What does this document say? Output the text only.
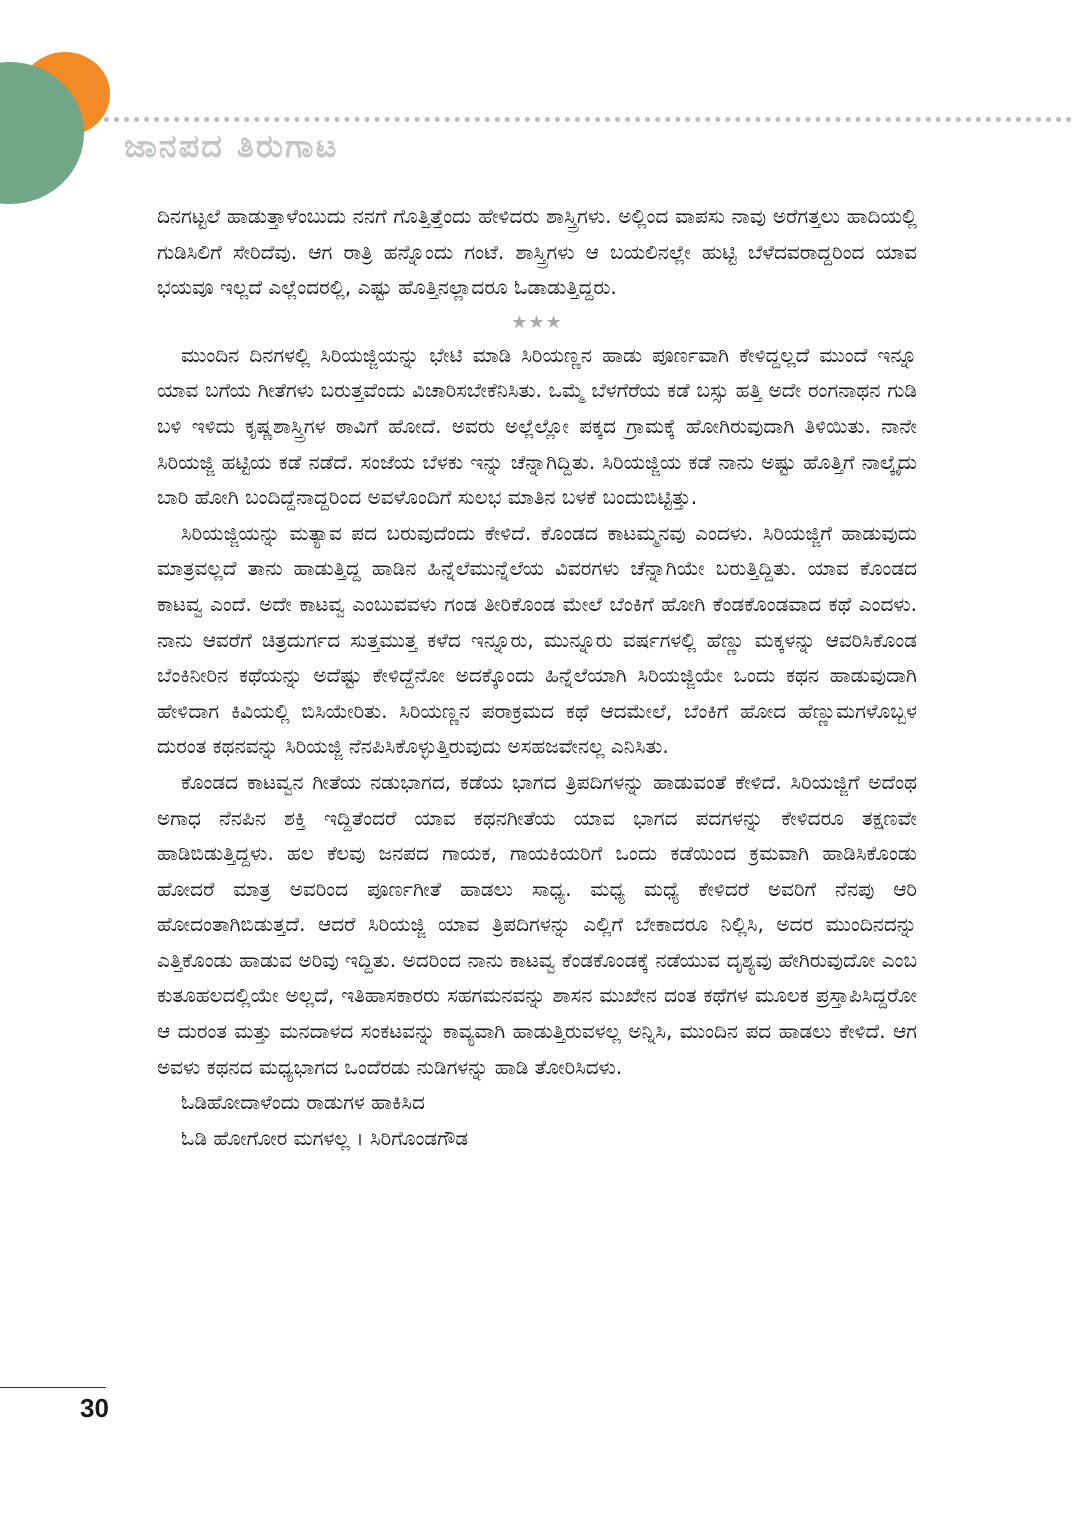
ಜಾನಪದ ತಿರುಗಾಟ

ದಿನಗಟ್ಟಲೆ ಹಾಡುತ್ತಾಳೆಂಬುದು ನನಗೆ ಗೊತ್ತಿತ್ತೆಂದು ಹೇಳಿದರು ಶಾಸ್ತ್ರಿಗಳು. ಅಲ್ಲಿಂದ ವಾಪಸು ನಾವು ಅರೆಗತ್ತಲು ಹಾದಿಯಲ್ಲಿ ಗುಡಿಸಿಲಿಗೆ ಸೇರಿದೆವು. ಆಗ ರಾತ್ರಿ ಹನ್ನೊಂದು ಗಂಟೆ. ಶಾಸ್ತ್ರಿಗಳು ಆ ಬಯಲಿನಲ್ಲೇ ಹುಟ್ಟಿ ಬೆಳೆದವರಾದ್ದರಿಂದ ಯಾವ ಭಯವೂ ಇಲ್ಲದೆ ಎಲ್ಲೆಂದರಲ್ಲಿ, ಎಷ್ಟು ಹೊತ್ತಿನಲ್ಲಾದರೂ ಓಡಾಡುತ್ತಿದ್ದರು.

★★★

ಮುಂದಿನ ದಿನಗಳಲ್ಲಿ ಸಿರಿಯಜ್ಜಿಯನ್ನು ಭೇಟಿ ಮಾಡಿ ಸಿರಿಯಣ್ಣನ ಹಾಡು ಪೂರ್ಣವಾಗಿ ಕೇಳಿದ್ದಲ್ಲದೆ ಮುಂದೆ ಇನ್ನೂ ಯಾವ ಬಗೆಯ ಗೀತೆಗಳು ಬರುತ್ತವೆಂದು ವಿಚಾರಿಸಬೇಕೆನಿಸಿತು. ಒಮ್ಮೆ ಬೆಳಗೆರೆಯ ಕಡೆ ಬಸ್ಸು ಹತ್ತಿ ಅದೇ ರಂಗನಾಥನ ಗುಡಿ ಬಳಿ ಇಳಿದು ಕೃಷ್ಣಶಾಸ್ತ್ರಿಗಳ ಠಾವಿಗೆ ಹೋದೆ. ಅವರು ಅಲ್ಲೆಲ್ಲೋ ಪಕ್ಕದ ಗ್ರಾಮಕ್ಕೆ ಹೋಗಿರುವುದಾಗಿ ತಿಳಿಯಿತು. ನಾನೇ ಸಿರಿಯಜ್ಜಿ ಹಟ್ಟಿಯ ಕಡೆ ನಡೆದೆ. ಸಂಜೆಯ ಬೆಳಕು ಇನ್ನು ಚೆನ್ನಾಗಿದ್ದಿತು. ಸಿರಿಯಜ್ಜಿಯ ಕಡೆ ನಾನು ಅಷ್ಟು ಹೊತ್ತಿಗೆ ನಾಲ್ಕೈದು ಬಾರಿ ಹೋಗಿ ಬಂದಿದ್ದೆನಾದ್ದರಿಂದ ಅವಳೊಂದಿಗೆ ಸುಲಭ ಮಾತಿನ ಬಳಕೆ ಬಂದುಬಿಟ್ಟಿತ್ತು.

ಸಿರಿಯಜ್ಜಿಯನ್ನು ಮತ್ಯಾವ ಪದ ಬರುವುದೆಂದು ಕೇಳಿದೆ. ಕೊಂಡದ ಕಾಟಮ್ಮನವು ಎಂದಳು. ಸಿರಿಯಜ್ಜಿಗೆ ಹಾಡುವುದು ಮಾತ್ರವಲ್ಲದೆ ತಾನು ಹಾಡುತ್ತಿದ್ದ ಹಾಡಿನ ಹಿನ್ನೆಲೆಮುನ್ನೆಲೆಯ ವಿವರಗಳು ಚೆನ್ನಾಗಿಯೇ ಬರುತ್ತಿದ್ದಿತು. ಯಾವ ಕೊಂಡದ ಕಾಟವ್ವ ಎಂದೆ. ಅದೇ ಕಾಟವ್ವ ಎಂಬುವವಳು ಗಂಡ ತೀರಿಕೊಂಡ ಮೇಲೆ ಬೆಂಕಿಗೆ ಹೋಗಿ ಕೆಂಡಕೊಂಡವಾದ ಕಥೆ ಎಂದಳು. ನಾನು ಆವರೆಗೆ ಚಿತ್ರದುರ್ಗದ ಸುತ್ತಮುತ್ತ ಕಳೆದ ಇನ್ನೂರು, ಮುನ್ನೂರು ವರ್ಷಗಳಲ್ಲಿ ಹೆಣ್ಣು ಮಕ್ಕಳನ್ನು ಆವರಿಸಿಕೊಂಡ ಬೆಂಕಿನೀರಿನ ಕಥೆಯನ್ನು ಅದೆಷ್ಟು ಕೇಳಿದ್ದೆನೋ ಅದಕ್ಕೊಂದು ಹಿನ್ನೆಲೆಯಾಗಿ ಸಿರಿಯಜ್ಜಿಯೇ ಒಂದು ಕಥನ ಹಾಡುವುದಾಗಿ ಹೇಳಿದಾಗ ಕಿವಿಯಲ್ಲಿ ಬಿಸಿಯೇರಿತು. ಸಿರಿಯಣ್ಣನ ಪರಾಕ್ರಮದ ಕಥೆ ಆದಮೇಲೆ, ಬೆಂಕಿಗೆ ಹೋದ ಹೆಣ್ಣುಮಗಳೊಬ್ಬಳ ದುರಂತ ಕಥನವನ್ನು ಸಿರಿಯಜ್ಜಿ ನೆನಪಿಸಿಕೊಳ್ಳುತ್ತಿರುವುದು ಅಸಹಜವೇನಲ್ಲ ಎನಿಸಿತು.

ಕೊಂಡದ ಕಾಟವ್ವನ ಗೀತೆಯ ನಡುಭಾಗದ, ಕಡೆಯ ಭಾಗದ ತ್ರಿಪದಿಗಳನ್ನು ಹಾಡುವಂತೆ ಕೇಳಿದೆ. ಸಿರಿಯಜ್ಜಿಗೆ ಅದೆಂಥ ಅಗಾಧ ನೆನಪಿನ ಶಕ್ತಿ ಇದ್ದಿತೆಂದರೆ ಯಾವ ಕಥನಗೀತೆಯ ಯಾವ ಭಾಗದ ಪದಗಳನ್ನು ಕೇಳಿದರೂ ತಕ್ಷಣವೇ ಹಾಡಿಬಿಡುತ್ತಿದ್ದಳು. ಹಲ ಕೆಲವು ಜನಪದ ಗಾಯಕ, ಗಾಯಕಿಯರಿಗೆ ಒಂದು ಕಡೆಯಿಂದ ಕ್ರಮವಾಗಿ ಹಾಡಿಸಿಕೊಂಡು ಹೋದರೆ ಮಾತ್ರ ಅವರಿಂದ ಪೂರ್ಣಗೀತೆ ಹಾಡಲು ಸಾಧ್ಯ. ಮಧ್ಯ ಮಧ್ಯೆ ಕೇಳಿದರೆ ಅವರಿಗೆ ನೆನಪು ಆರಿ ಹೋದಂತಾಗಿಬಿಡುತ್ತದೆ. ಆದರೆ ಸಿರಿಯಜ್ಜಿ ಯಾವ ತ್ರಿಪದಿಗಳನ್ನು ಎಲ್ಲಿಗೆ ಬೇಕಾದರೂ ನಿಲ್ಲಿಸಿ, ಅದರ ಮುಂದಿನದನ್ನು ಎತ್ತಿಕೊಂಡು ಹಾಡುವ ಅರಿವು ಇದ್ದಿತು. ಅದರಿಂದ ನಾನು ಕಾಟವ್ವ ಕೆಂಡಕೊಂಡಕ್ಕೆ ನಡೆಯುವ ದೃಶ್ಯವು ಹೇಗಿರುವುದೋ ಎಂಬ ಕುತೂಹಲದಲ್ಲಿಯೇ ಅಲ್ಲದೆ, ಇತಿಹಾಸಕಾರರು ಸಹಗಮನವನ್ನು ಶಾಸನ ಮುಖೇನ ದಂತ ಕಥೆಗಳ ಮೂಲಕ ಪ್ರಸ್ತಾಪಿಸಿದ್ದರೋ ಆ ದುರಂತ ಮತ್ತು ಮನದಾಳದ ಸಂಕಟವನ್ನು ಕಾವ್ಯವಾಗಿ ಹಾಡುತ್ತಿರುವಳಲ್ಲ ಅನ್ನಿಸಿ, ಮುಂದಿನ ಪದ ಹಾಡಲು ಕೇಳಿದೆ. ಆಗ ಅವಳು ಕಥನದ ಮಧ್ಯಭಾಗದ ಒಂದೆರಡು ನುಡಿಗಳನ್ನು ಹಾಡಿ ತೋರಿಸಿದಳು.

ಓಡಿಹೋದಾಳೆಂದು ರಾಡುಗಳ ಹಾಕಿಸಿದ

ಓಡಿ ಹೋಗೋರ ಮಗಳಲ್ಲ । ಸಿರಿಗೊಂಡಗೌಡ

30
